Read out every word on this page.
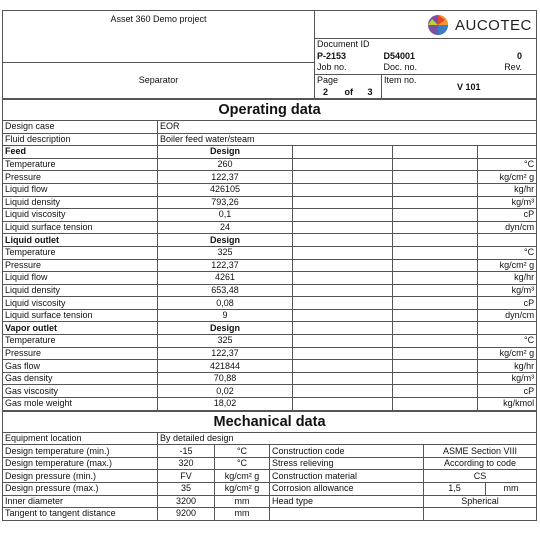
Asset 360 Demo project	AUCOTEC		

	Document ID		
	P-2153	D54001	0
Separator	Job no.	Doc. no.	Rev.
	Page	Item no.	
	2 of 3	V 101	
Operating data				
Design case	EOR			
Fluid description	Boiler feed water/steam			
Feed	Design			
Temperature	260			°C
Pressure	122,37			kg/cm² g
Liquid flow	426105			kg/hr
Liquid density	793,26			kg/m³
Liquid viscosity	0,1			cP
Liquid surface tension	24			dyn/cm
Liquid outlet	Design			
Temperature	325			°C
Pressure	122,37			kg/cm² g
Liquid flow	4261			kg/hr
Liquid density	653,48			kg/m³
Liquid viscosity	0,08			cP
Liquid surface tension	9			dyn/cm
Vapor outlet	Design			
Temperature	325			°C
Pressure	122,37			kg/cm² g
Gas flow	421844			kg/hr
Gas density	70,88			kg/m³
Gas viscosity	0,02			cP
Gas mole weight	18,02			kg/kmol
Mechanical data					
Equipment location	By detailed design				
Design temperature (min.)	-15	°C	Construction code	ASME Section VIII	
Design temperature (max.)	320	°C	Stress relieving	According to code	
Design pressure (min.)	FV	kg/cm² g	Construction material	CS	
Design pressure (max.)	35	kg/cm² g	Corrosion allowance	1,5	mm
Inner diameter	3200	mm	Head type	Spherical	
Tangent to tangent distance	9200	mm			
